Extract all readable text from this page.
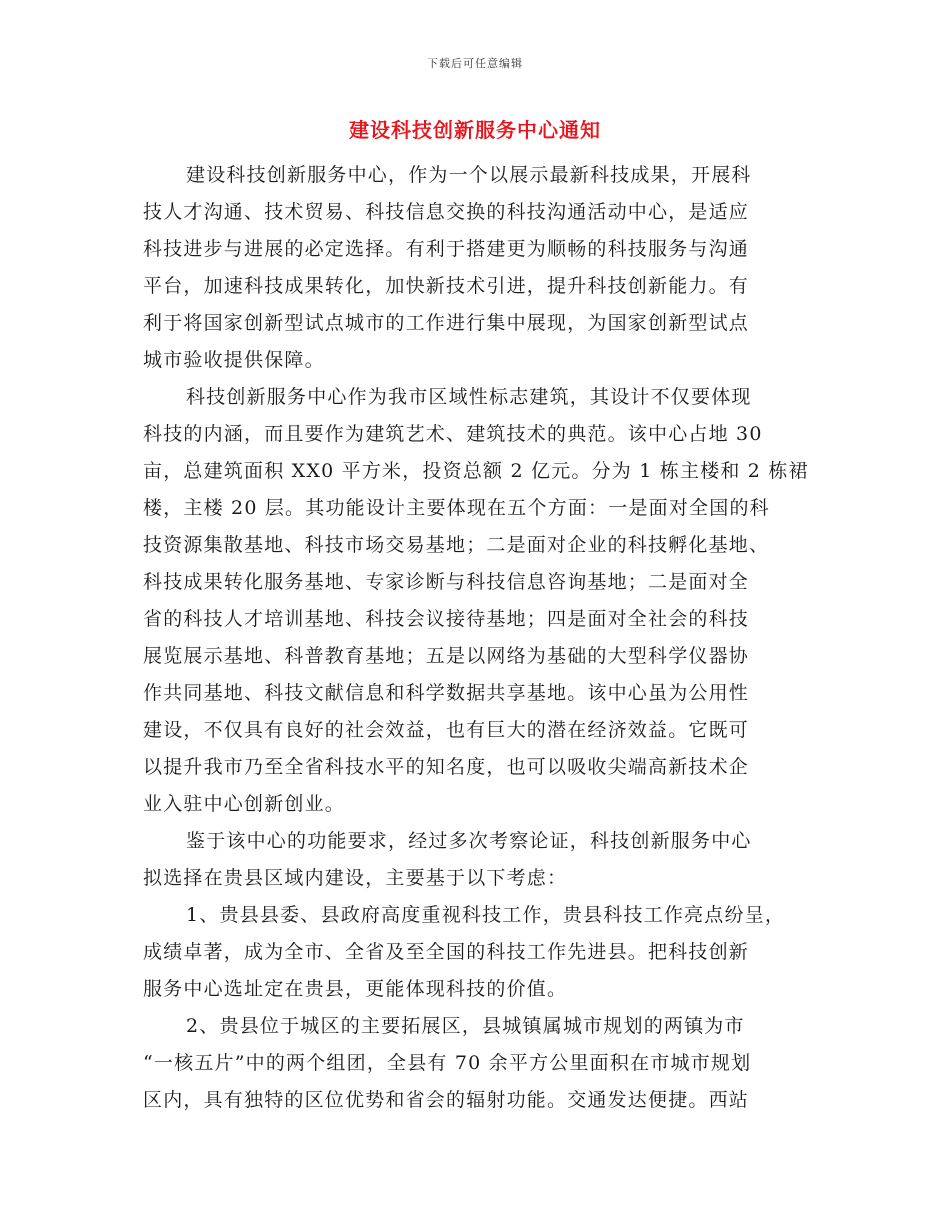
下载后可任意编辑
建设科技创新服务中心通知
建设科技创新服务中心，作为一个以展示最新科技成果，开展科
技人才沟通、技术贸易、科技信息交换的科技沟通活动中心，是适应
科技进步与进展的必定选择。有利于搭建更为顺畅的科技服务与沟通
平台，加速科技成果转化，加快新技术引进，提升科技创新能力。有
利于将国家创新型试点城市的工作进行集中展现，为国家创新型试点
城市验收提供保障。
科技创新服务中心作为我市区域性标志建筑，其设计不仅要体现
科技的内涵，而且要作为建筑艺术、建筑技术的典范。该中心占地 30
亩，总建筑面积 XX0 平方米，投资总额 2 亿元。分为 1 栋主楼和 2 栋裙
楼，主楼 20 层。其功能设计主要体现在五个方面：一是面对全国的科
技资源集散基地、科技市场交易基地；二是面对企业的科技孵化基地、
科技成果转化服务基地、专家诊断与科技信息咨询基地；二是面对全
省的科技人才培训基地、科技会议接待基地；四是面对全社会的科技
展览展示基地、科普教育基地；五是以网络为基础的大型科学仪器协
作共同基地、科技文献信息和科学数据共享基地。该中心虽为公用性
建设，不仅具有良好的社会效益，也有巨大的潜在经济效益。它既可
以提升我市乃至全省科技水平的知名度，也可以吸收尖端高新技术企
业入驻中心创新创业。
鉴于该中心的功能要求，经过多次考察论证，科技创新服务中心
拟选择在贵县区域内建设，主要基于以下考虑：
1、贵县县委、县政府高度重视科技工作，贵县科技工作亮点纷呈，
成绩卓著，成为全市、全省及至全国的科技工作先进县。把科技创新
服务中心选址定在贵县，更能体现科技的价值。
2、贵县位于城区的主要拓展区，县城镇属城市规划的两镇为市
“一核五片”中的两个组团，全县有 70 余平方公里面积在市城市规划
区内，具有独特的区位优势和省会的辐射功能。交通发达便捷。西站
